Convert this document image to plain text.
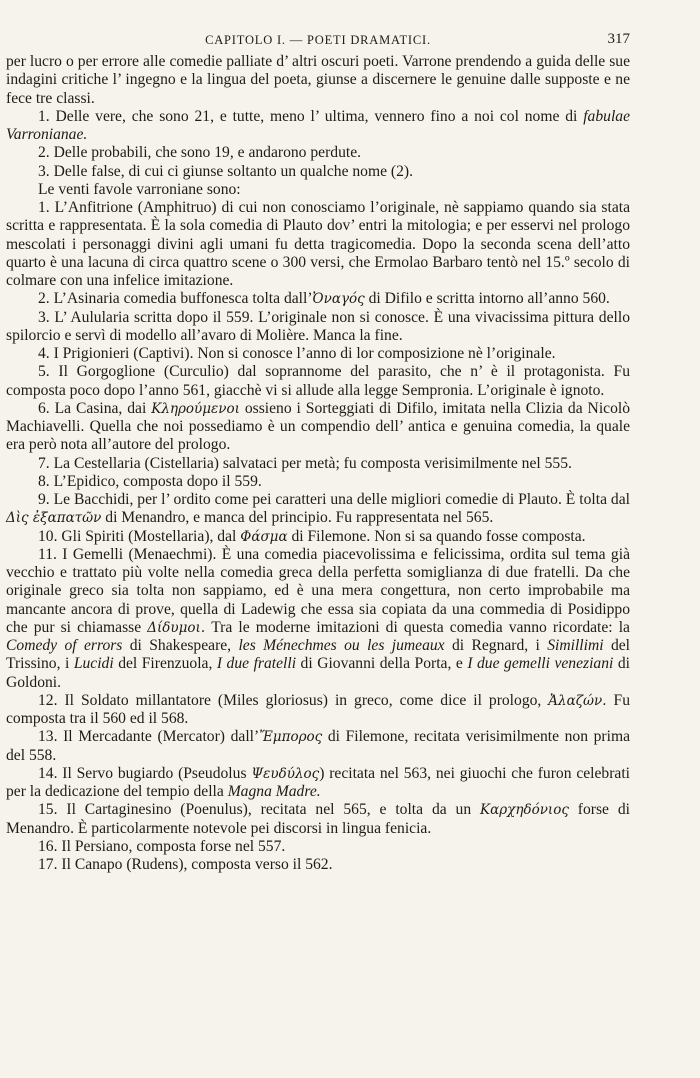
CAPITOLO I. — POETI DRAMATICI.	317

per lucro o per errore alle comedie palliate d’ altri oscuri poeti. Varrone prendendo a guida delle sue indagini critiche l’ ingegno e la lingua del poeta, giunse a discernere le genuine dalle supposte e ne fece tre classi.

1. Delle vere, che sono 21, e tutte, meno l’ ultima, vennero fino a noi col nome di fabulae Varronianae.

2. Delle probabili, che sono 19, e andarono perdute.

3. Delle false, di cui ci giunse soltanto un qualche nome (2).

Le venti favole varroniane sono:

1. L’Anfitrione (Amphitruo) di cui non conosciamo l’originale, nè sappiamo quando sia stata scritta e rappresentata. È la sola comedia di Plauto dov’ entri la mitologia; e per esservi nel prologo mescolati i personaggi divini agli umani fu detta tragicomedia. Dopo la seconda scena dell’atto quarto è una lacuna di circa quattro scene o 300 versi, che Ermolao Barbaro tentò nel 15.º secolo di colmare con una infelice imitazione.

2. L’Asinaria comedia buffonesca tolta dall’Ὀναγός di Difilo e scritta intorno all’anno 560.

3. L’ Aulularia scritta dopo il 559. L’originale non si conosce. È una vivacissima pittura dello spilorcio e servì di modello all’avaro di Molière. Manca la fine.

4. I Prigionieri (Captivi). Non si conosce l’anno di lor composizione nè l’originale.

5. Il Gorgoglione (Curculio) dal soprannome del parasito, che n’ è il protagonista. Fu composta poco dopo l’anno 561, giacchè vi si allude alla legge Sempronia. L’originale è ignoto.

6. La Casina, dai Κληρούμενοι ossieno i Sorteggiati di Difilo, imitata nella Clizia da Nicolò Machiavelli. Quella che noi possediamo è un compendio dell’ antica e genuina comedia, la quale era però nota all’autore del prologo.

7. La Cestellaria (Cistellaria) salvataci per metà; fu composta verisimilmente nel 555.

8. L’Epidico, composta dopo il 559.

9. Le Bacchidi, per l’ ordito come pei caratteri una delle migliori comedie di Plauto. È tolta dal Δὶς ἐξαπατῶν di Menandro, e manca del principio. Fu rappresentata nel 565.

10. Gli Spiriti (Mostellaria), dal Φάσμα di Filemone. Non si sa quando fosse composta.

11. I Gemelli (Menaechmi). È una comedia piacevolissima e felicissima, ordita sul tema già vecchio e trattato più volte nella comedia greca della perfetta somiglianza di due fratelli. Da che originale greco sia tolta non sappiamo, ed è una mera congettura, non certo improbabile ma mancante ancora di prove, quella di Ladewig che essa sia copiata da una commedia di Posidippo che pur si chiamasse Δίδυμοι. Tra le moderne imitazioni di questa comedia vanno ricordate: la Comedy of errors di Shakespeare, les Ménechmes ou les jumeaux di Regnard, i Simillimi del Trissino, i Lucidi del Firenzuola, I due fratelli di Giovanni della Porta, e I due gemelli veneziani di Goldoni.

12. Il Soldato millantatore (Miles gloriosus) in greco, come dice il prologo, Ἀλαζών. Fu composta tra il 560 ed il 568.

13. Il Mercadante (Mercator) dall’Ἔμπορος di Filemone, recitata verisimilmente non prima del 558.

14. Il Servo bugiardo (Pseudolus Ψευδύλος) recitata nel 563, nei giuochi che furon celebrati per la dedicazione del tempio della Magna Madre.

15. Il Cartaginesino (Poenulus), recitata nel 565, e tolta da un Καρχηδόνιος forse di Menandro. È particolarmente notevole pei discorsi in lingua fenicia.

16. Il Persiano, composta forse nel 557.

17. Il Canapo (Rudens), composta verso il 562.
